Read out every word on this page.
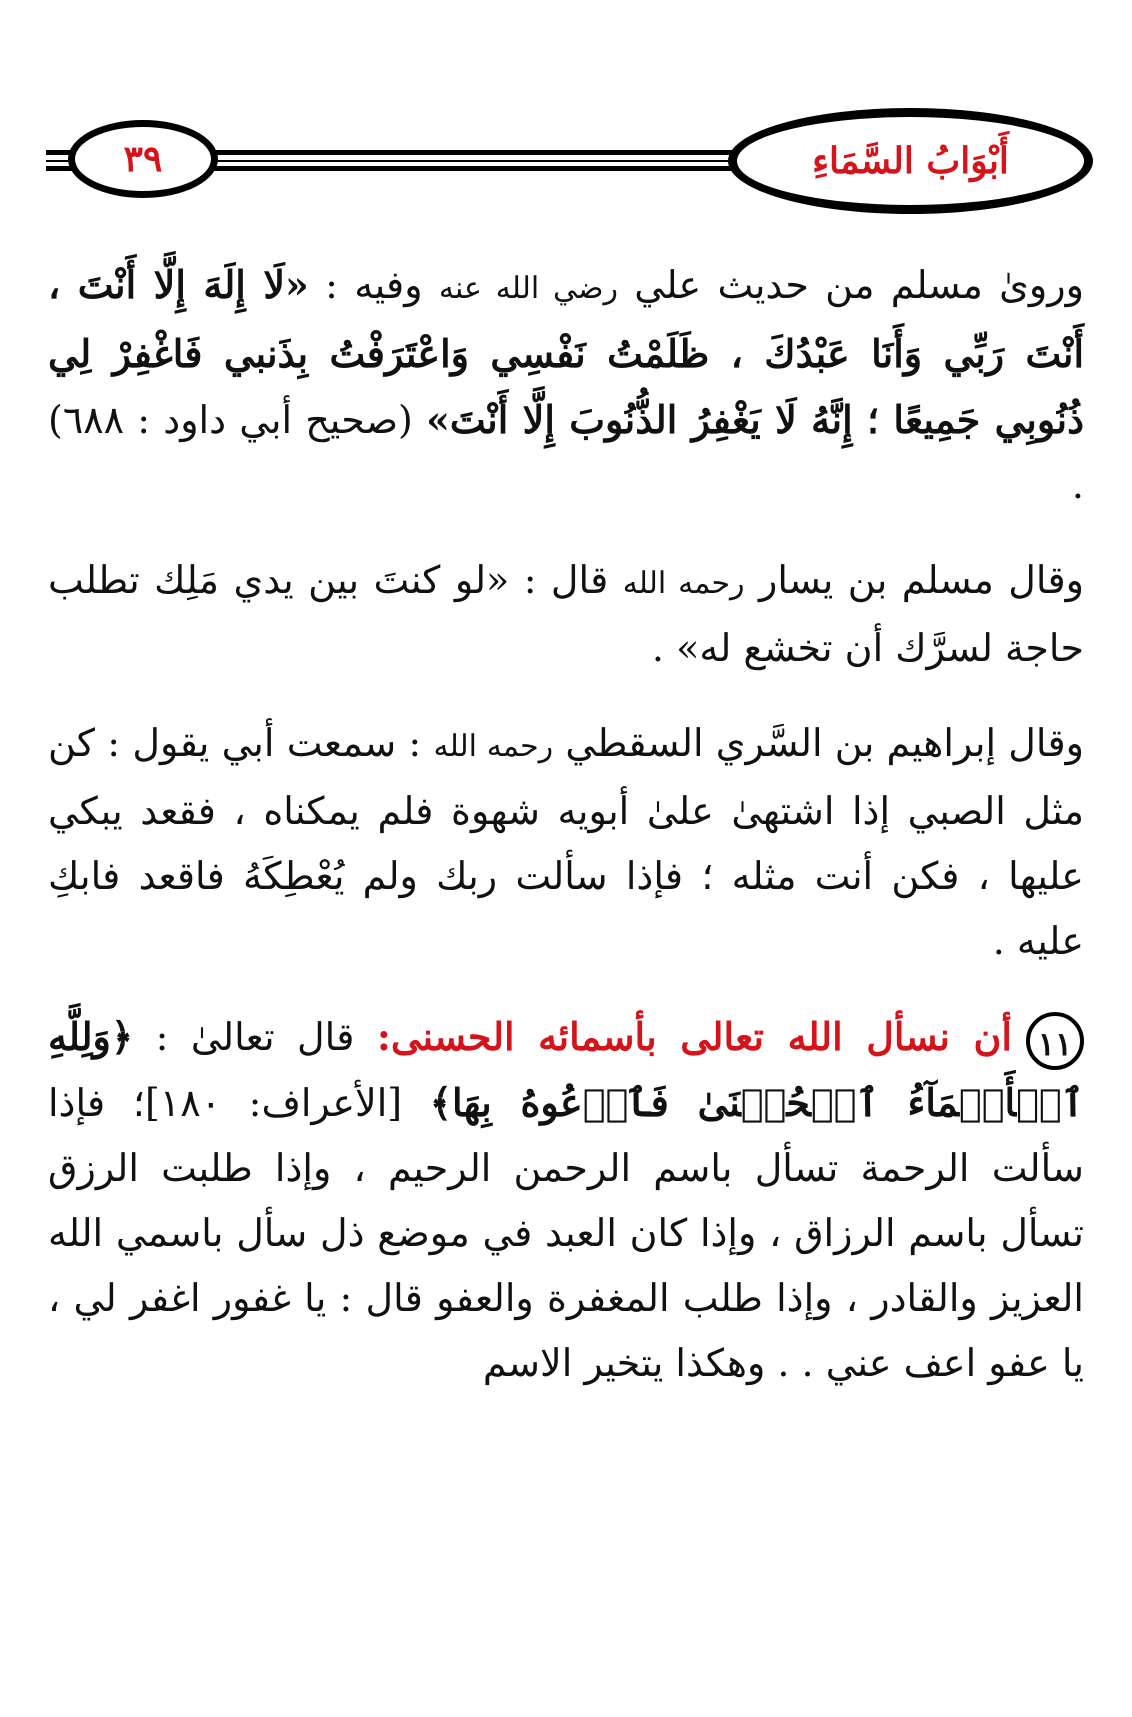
٣٩	أَبْوَابُ السَّمَاءِ

وروىٰ مسلم من حديث علي رضي الله عنه وفيه : «لَا إِلَهَ إِلَّا أَنْتَ ، أَنْتَ رَبِّي وَأَنَا عَبْدُكَ ، ظَلَمْتُ نَفْسِي وَاعْتَرَفْتُ بِذَنبي فَاغْفِرْ لِي ذُنُوبِي جَمِيعًا ؛ إِنَّهُ لَا يَغْفِرُ الذُّنُوبَ إِلَّا أَنْتَ» (صحيح أبي داود : ٦٨٨) .

وقال مسلم بن يسار رحمه الله قال : «لو كنتَ بين يدي مَلِك تطلب حاجة لسرَّك أن تخشع له» .

وقال إبراهيم بن السَّري السقطي رحمه الله : سمعت أبي يقول : كن مثل الصبي إذا اشتهىٰ علىٰ أبويه شهوة فلم يمكناه ، فقعد يبكي عليها ، فكن أنت مثله ؛ فإذا سألت ربك ولم يُعْطِكَهُ فاقعد فابكِ عليه .

١١أن نسأل الله تعالى بأسمائه الحسنى: قال تعالىٰ : ﴿وَلِلَّهِ ٱلۡأَسۡمَآءُ ٱلۡحُسۡنَىٰ فَٱدۡعُوهُ بِهَا﴾ [الأعراف: ١٨٠]؛ فإذا سألت الرحمة تسأل باسم الرحمن الرحيم ، وإذا طلبت الرزق تسأل باسم الرزاق ، وإذا كان العبد في موضع ذل سأل باسمي الله العزيز والقادر ، وإذا طلب المغفرة والعفو قال : يا غفور اغفر لي ، يا عفو اعف عني . . وهكذا يتخير الاسم
